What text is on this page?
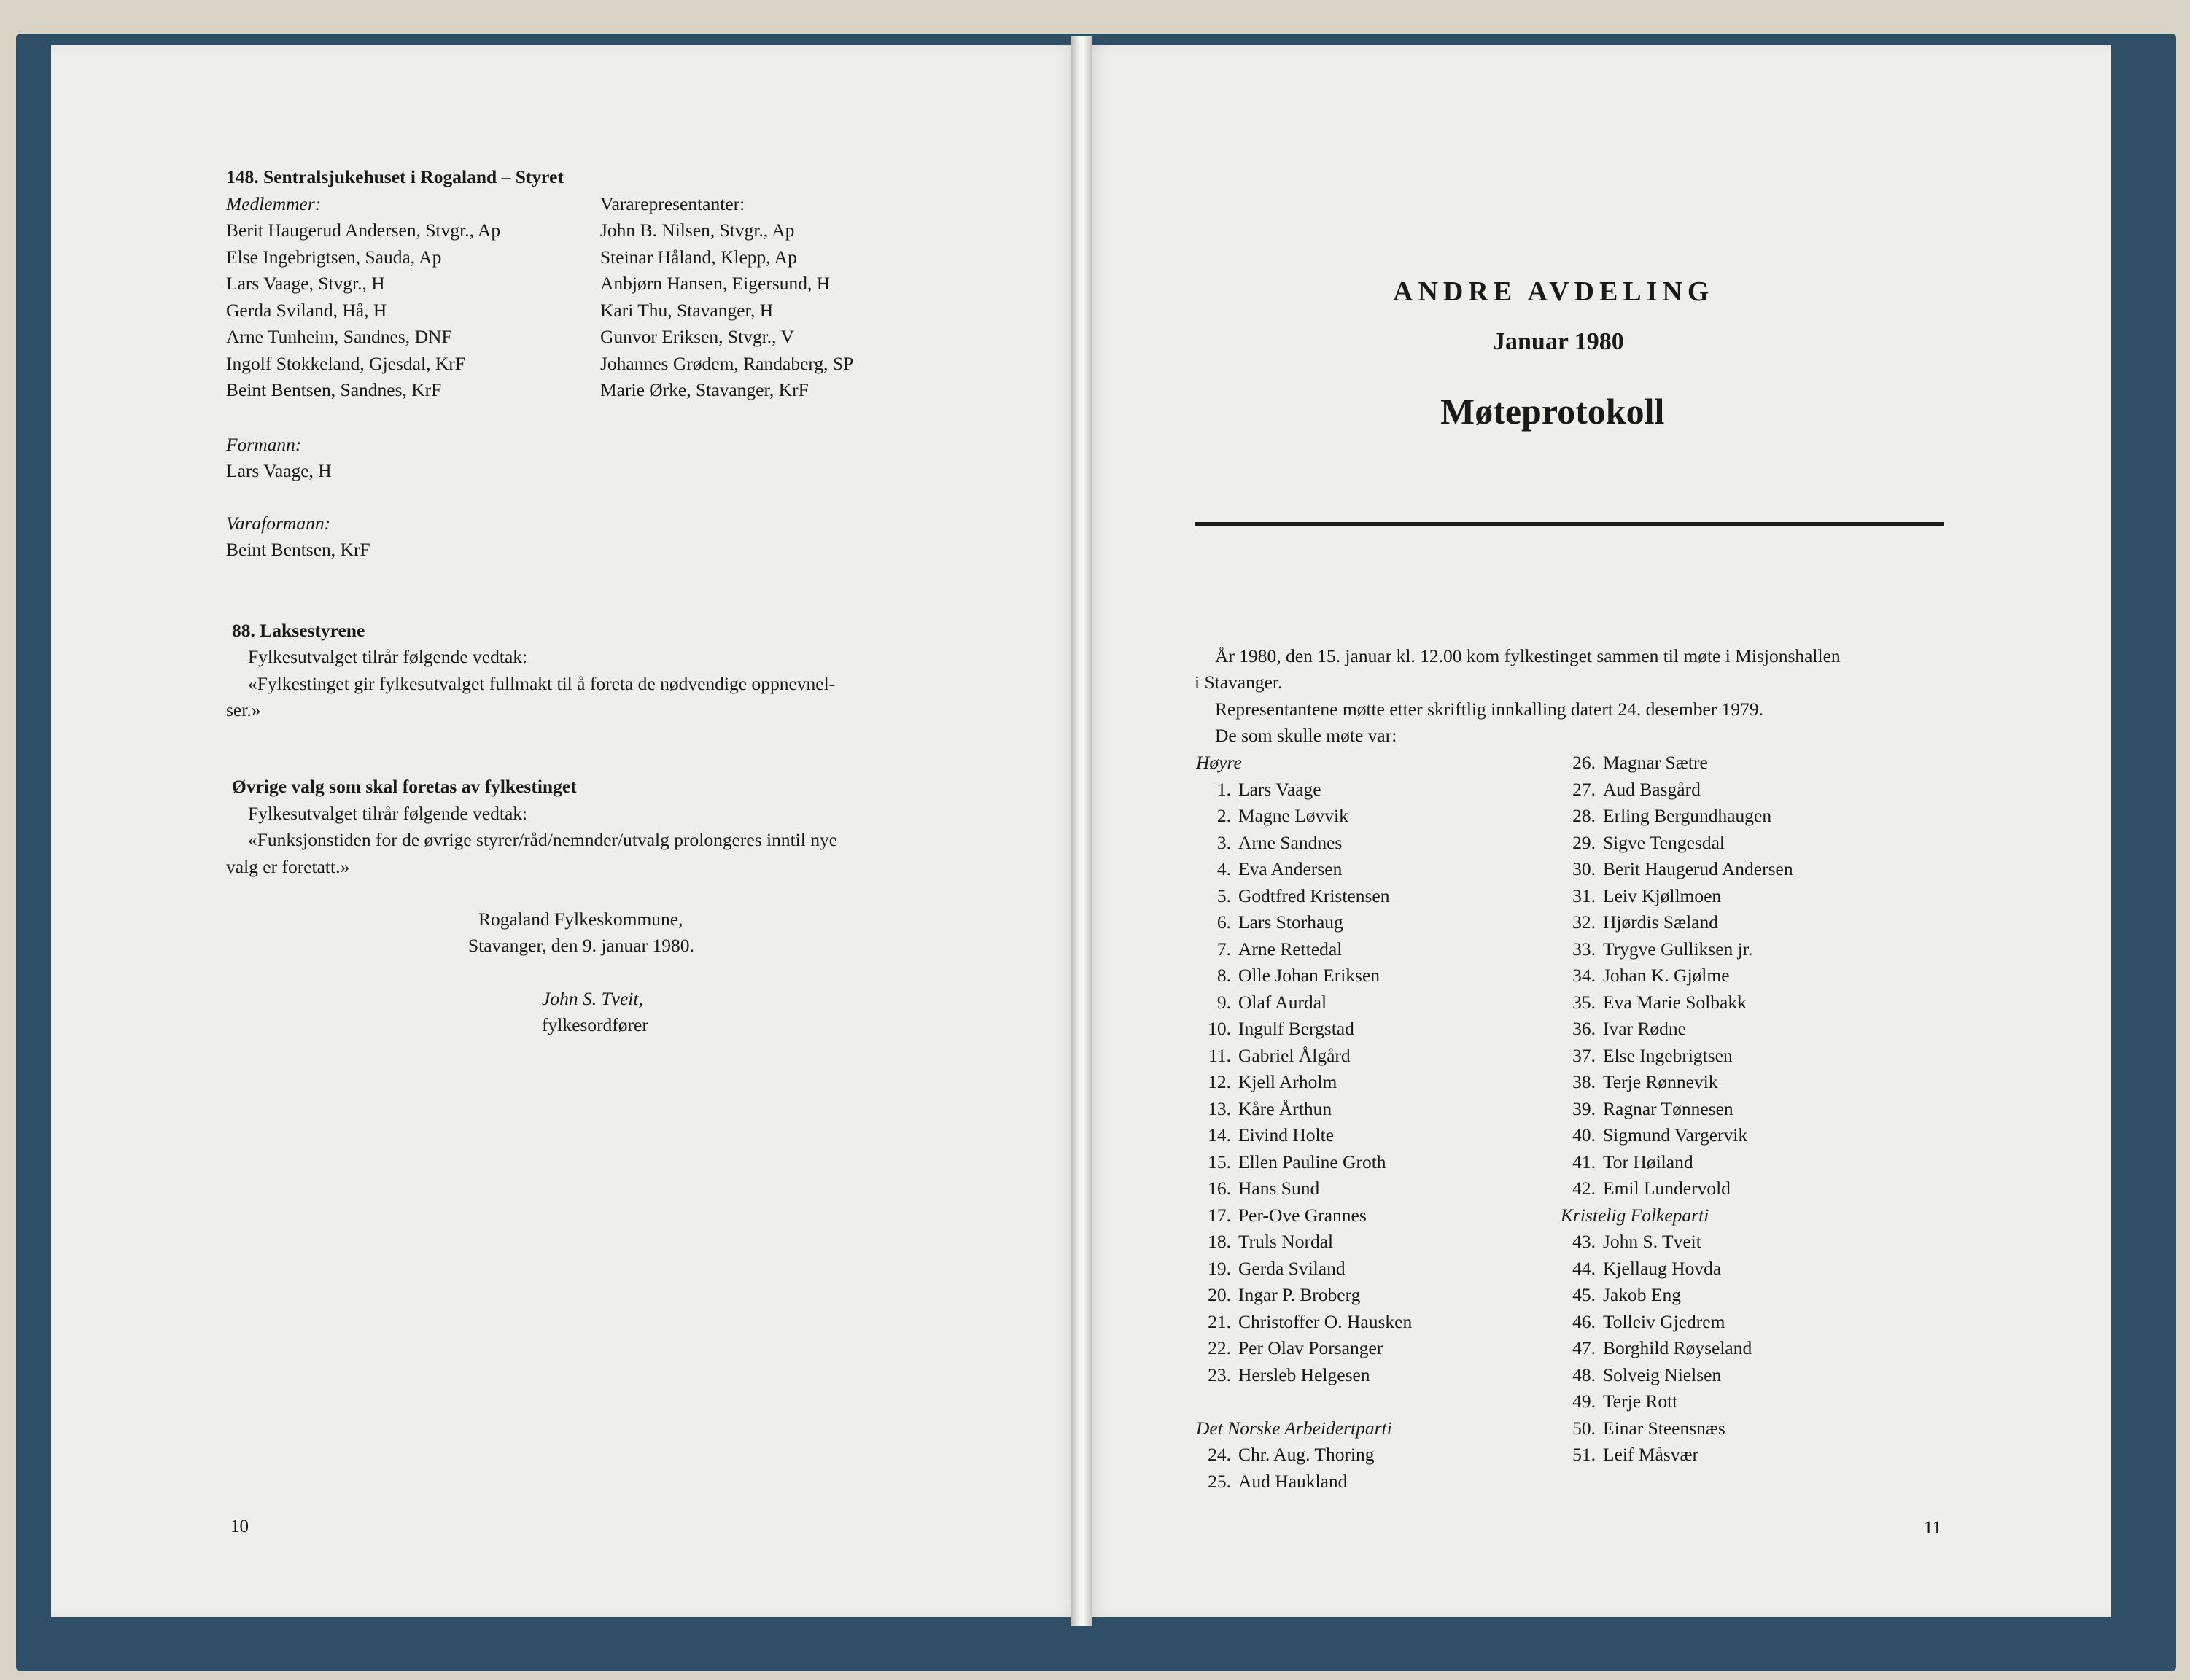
148. Sentralsjukehuset i Rogaland – Styret
Medlemmer:	Vararepresentanter:
Berit Haugerud Andersen, Stvgr., Ap
Else Ingebrigtsen, Sauda, Ap
Lars Vaage, Stvgr., H
Gerda Sviland, Hå, H
Arne Tunheim, Sandnes, DNF
Ingolf Stokkeland, Gjesdal, KrF
Beint Bentsen, Sandnes, KrF
John B. Nilsen, Stvgr., Ap
Steinar Håland, Klepp, Ap
Anbjørn Hansen, Eigersund, H
Kari Thu, Stavanger, H
Gunvor Eriksen, Stvgr., V
Johannes Grødem, Randaberg, SP
Marie Ørke, Stavanger, KrF
Formann:
Lars Vaage, H
Varaformann:
Beint Bentsen, KrF
88. Laksestyrene
Fylkesutvalget tilrår følgende vedtak:
«Fylkestinget gir fylkesutvalget fullmakt til å foreta de nødvendige oppnevnel-
ser.»
Øvrige valg som skal foretas av fylkestinget
Fylkesutvalget tilrår følgende vedtak:
«Funksjonstiden for de øvrige styrer/råd/nemnder/utvalg prolongeres inntil nye
valg er foretatt.»
Rogaland Fylkeskommune,
Stavanger, den 9. januar 1980.
John S. Tveit,
fylkesordfører
10
ANDRE AVDELING
Januar 1980
Møteprotokoll
År 1980, den 15. januar kl. 12.00 kom fylkestinget sammen til møte i Misjonshallen
i Stavanger.
Representantene møtte etter skriftlig innkalling datert 24. desember 1979.
De som skulle møte var:
Høyre
1. Lars Vaage
2. Magne Løvvik
3. Arne Sandnes
4. Eva Andersen
5. Godtfred Kristensen
6. Lars Storhaug
7. Arne Rettedal
8. Olle Johan Eriksen
9. Olaf Aurdal
10. Ingulf Bergstad
11. Gabriel Ålgård
12. Kjell Arholm
13. Kåre Årthun
14. Eivind Holte
15. Ellen Pauline Groth
16. Hans Sund
17. Per-Ove Grannes
18. Truls Nordal
19. Gerda Sviland
20. Ingar P. Broberg
21. Christoffer O. Hausken
22. Per Olav Porsanger
23. Hersleb Helgesen
Det Norske Arbeidertparti
24. Chr. Aug. Thoring
25. Aud Haukland
26. Magnar Sætre
27. Aud Basgård
28. Erling Bergundhaugen
29. Sigve Tengesdal
30. Berit Haugerud Andersen
31. Leiv Kjøllmoen
32. Hjørdis Sæland
33. Trygve Gulliksen jr.
34. Johan K. Gjølme
35. Eva Marie Solbakk
36. Ivar Rødne
37. Else Ingebrigtsen
38. Terje Rønnevik
39. Ragnar Tønnesen
40. Sigmund Vargervik
41. Tor Høiland
42. Emil Lundervold
Kristelig Folkeparti
43. John S. Tveit
44. Kjellaug Hovda
45. Jakob Eng
46. Tolleiv Gjedrem
47. Borghild Røyseland
48. Solveig Nielsen
49. Terje Rott
50. Einar Steensnæs
51. Leif Måsvær
11
